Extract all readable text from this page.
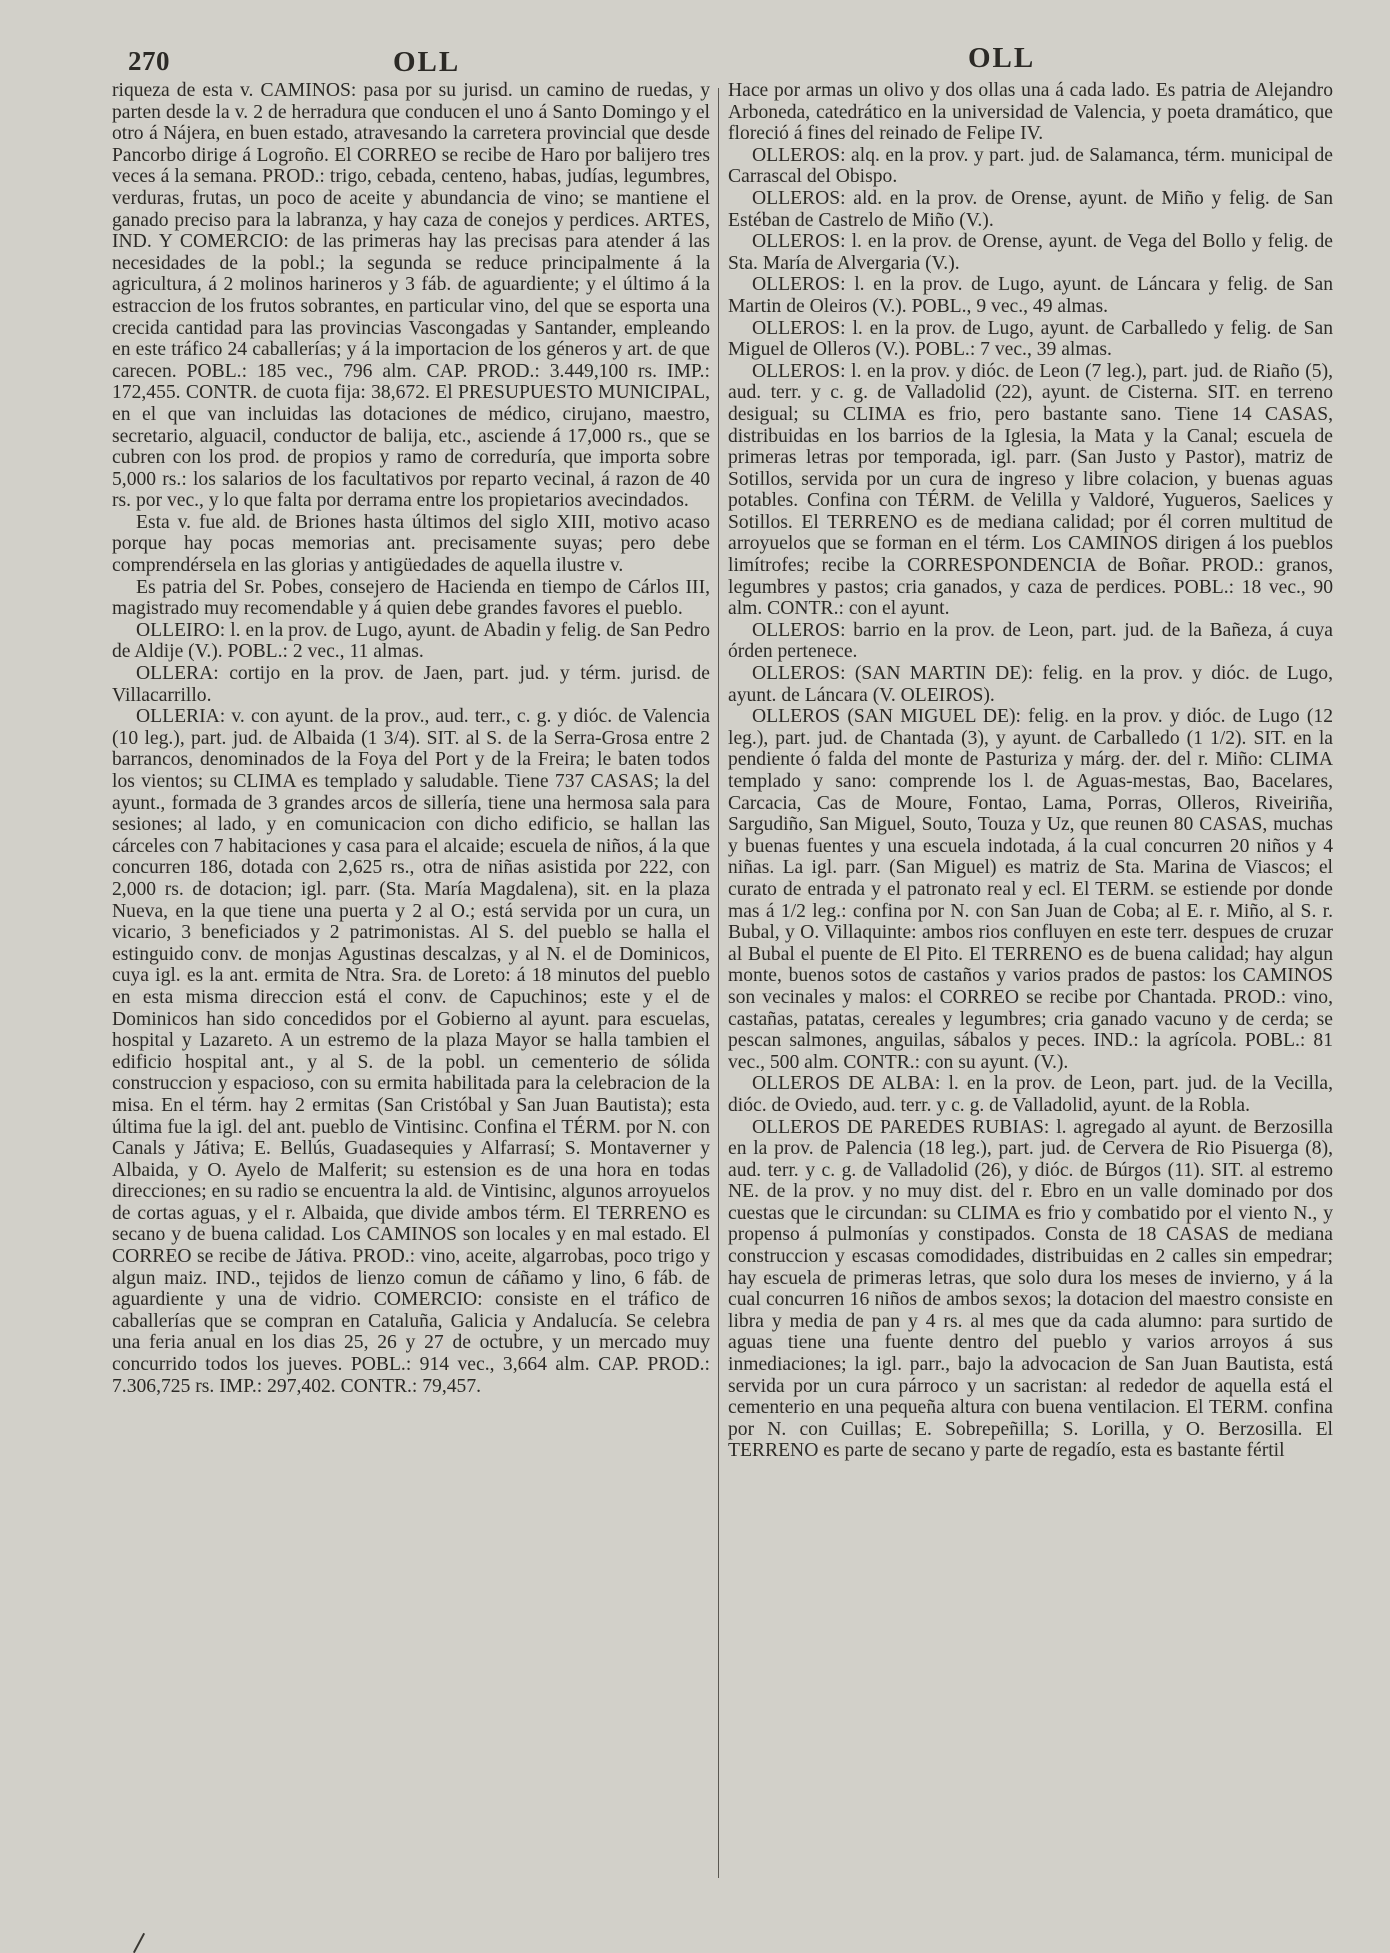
270	OLL	OLL

riqueza de esta v. CAMINOS: pasa por su jurisd. un camino de ruedas, y parten desde la v. 2 de herradura que conducen el uno á Santo Domingo y el otro á Nájera, en buen estado, atravesando la carretera provincial que desde Pancorbo dirige á Logroño. El CORREO se recibe de Haro por balijero tres veces á la semana. PROD.: trigo, cebada, centeno, habas, judías, legumbres, verduras, frutas, un poco de aceite y abundancia de vino; se mantiene el ganado preciso para la labranza, y hay caza de conejos y perdices. ARTES, IND. Y COMERCIO: de las primeras hay las precisas para atender á las necesidades de la pobl.; la segunda se reduce principalmente á la agricultura, á 2 molinos harineros y 3 fáb. de aguardiente; y el último á la estraccion de los frutos sobrantes, en particular vino, del que se esporta una crecida cantidad para las provincias Vascongadas y Santander, empleando en este tráfico 24 caballerías; y á la importacion de los géneros y art. de que carecen. POBL.: 185 vec., 796 alm. CAP. PROD.: 3.449,100 rs. IMP.: 172,455. CONTR. de cuota fija: 38,672. El PRESUPUESTO MUNICIPAL, en el que van incluidas las dotaciones de médico, cirujano, maestro, secretario, alguacil, conductor de balija, etc., asciende á 17,000 rs., que se cubren con los prod. de propios y ramo de correduría, que importa sobre 5,000 rs.: los salarios de los facultativos por reparto vecinal, á razon de 40 rs. por vec., y lo que falta por derrama entre los propietarios avecindados.

Esta v. fue ald. de Briones hasta últimos del siglo XIII, motivo acaso porque hay pocas memorias ant. precisamente suyas; pero debe comprendérsela en las glorias y antigüedades de aquella ilustre v.

Es patria del Sr. Pobes, consejero de Hacienda en tiempo de Cárlos III, magistrado muy recomendable y á quien debe grandes favores el pueblo.

OLLEIRO: l. en la prov. de Lugo, ayunt. de Abadin y felig. de San Pedro de Aldije (V.). POBL.: 2 vec., 11 almas.

OLLERA: cortijo en la prov. de Jaen, part. jud. y térm. jurisd. de Villacarrillo.

OLLERIA: v. con ayunt. de la prov., aud. terr., c. g. y dióc. de Valencia (10 leg.), part. jud. de Albaida (1 3/4). SIT. al S. de la Serra-Grosa entre 2 barrancos, denominados de la Foya del Port y de la Freira; le baten todos los vientos; su CLIMA es templado y saludable. Tiene 737 CASAS; la del ayunt., formada de 3 grandes arcos de sillería, tiene una hermosa sala para sesiones; al lado, y en comunicacion con dicho edificio, se hallan las cárceles con 7 habitaciones y casa para el alcaide; escuela de niños, á la que concurren 186, dotada con 2,625 rs., otra de niñas asistida por 222, con 2,000 rs. de dotacion; igl. parr. (Sta. María Magdalena), sit. en la plaza Nueva, en la que tiene una puerta y 2 al O.; está servida por un cura, un vicario, 3 beneficiados y 2 patrimonistas. Al S. del pueblo se halla el estinguido conv. de monjas Agustinas descalzas, y al N. el de Dominicos, cuya igl. es la ant. ermita de Ntra. Sra. de Loreto: á 18 minutos del pueblo en esta misma direccion está el conv. de Capuchinos; este y el de Dominicos han sido concedidos por el Gobierno al ayunt. para escuelas, hospital y Lazareto. A un estremo de la plaza Mayor se halla tambien el edificio hospital ant., y al S. de la pobl. un cementerio de sólida construccion y espacioso, con su ermita habilitada para la celebracion de la misa. En el térm. hay 2 ermitas (San Cristóbal y San Juan Bautista); esta última fue la igl. del ant. pueblo de Vintisinc. Confina el TÉRM. por N. con Canals y Játiva; E. Bellús, Guadasequies y Alfarrasí; S. Montaverner y Albaida, y O. Ayelo de Malferit; su estension es de una hora en todas direcciones; en su radio se encuentra la ald. de Vintisinc, algunos arroyuelos de cortas aguas, y el r. Albaida, que divide ambos térm. El TERRENO es secano y de buena calidad. Los CAMINOS son locales y en mal estado. El CORREO se recibe de Játiva. PROD.: vino, aceite, algarrobas, poco trigo y algun maiz. IND., tejidos de lienzo comun de cáñamo y lino, 6 fáb. de aguardiente y una de vidrio. COMERCIO: consiste en el tráfico de caballerías que se compran en Cataluña, Galicia y Andalucía. Se celebra una feria anual en los dias 25, 26 y 27 de octubre, y un mercado muy concurrido todos los jueves. POBL.: 914 vec., 3,664 alm. CAP. PROD.: 7.306,725 rs. IMP.: 297,402. CONTR.: 79,457.

Hace por armas un olivo y dos ollas una á cada lado. Es patria de Alejandro Arboneda, catedrático en la universidad de Valencia, y poeta dramático, que floreció á fines del reinado de Felipe IV.

OLLEROS: alq. en la prov. y part. jud. de Salamanca, térm. municipal de Carrascal del Obispo.

OLLEROS: ald. en la prov. de Orense, ayunt. de Miño y felig. de San Estéban de Castrelo de Miño (V.).

OLLEROS: l. en la prov. de Orense, ayunt. de Vega del Bollo y felig. de Sta. María de Alvergaria (V.).

OLLEROS: l. en la prov. de Lugo, ayunt. de Láncara y felig. de San Martin de Oleiros (V.). POBL., 9 vec., 49 almas.

OLLEROS: l. en la prov. de Lugo, ayunt. de Carballedo y felig. de San Miguel de Olleros (V.). POBL.: 7 vec., 39 almas.

OLLEROS: l. en la prov. y dióc. de Leon (7 leg.), part. jud. de Riaño (5), aud. terr. y c. g. de Valladolid (22), ayunt. de Cisterna. SIT. en terreno desigual; su CLIMA es frio, pero bastante sano. Tiene 14 CASAS, distribuidas en los barrios de la Iglesia, la Mata y la Canal; escuela de primeras letras por temporada, igl. parr. (San Justo y Pastor), matriz de Sotillos, servida por un cura de ingreso y libre colacion, y buenas aguas potables. Confina con TÉRM. de Velilla y Valdoré, Yugueros, Saelices y Sotillos. El TERRENO es de mediana calidad; por él corren multitud de arroyuelos que se forman en el térm. Los CAMINOS dirigen á los pueblos limítrofes; recibe la CORRESPONDENCIA de Boñar. PROD.: granos, legumbres y pastos; cria ganados, y caza de perdices. POBL.: 18 vec., 90 alm. CONTR.: con el ayunt.

OLLEROS: barrio en la prov. de Leon, part. jud. de la Bañeza, á cuya órden pertenece.

OLLEROS: (SAN MARTIN DE): felig. en la prov. y dióc. de Lugo, ayunt. de Láncara (V. OLEIROS).

OLLEROS (SAN MIGUEL DE): felig. en la prov. y dióc. de Lugo (12 leg.), part. jud. de Chantada (3), y ayunt. de Carballedo (1 1/2). SIT. en la pendiente ó falda del monte de Pasturiza y márg. der. del r. Miño: CLIMA templado y sano: comprende los l. de Aguas-mestas, Bao, Bacelares, Carcacia, Cas de Moure, Fontao, Lama, Porras, Olleros, Riveiriña, Sargudiño, San Miguel, Souto, Touza y Uz, que reunen 80 CASAS, muchas y buenas fuentes y una escuela indotada, á la cual concurren 20 niños y 4 niñas. La igl. parr. (San Miguel) es matriz de Sta. Marina de Viascos; el curato de entrada y el patronato real y ecl. El TERM. se estiende por donde mas á 1/2 leg.: confina por N. con San Juan de Coba; al E. r. Miño, al S. r. Bubal, y O. Villaquinte: ambos rios confluyen en este terr. despues de cruzar al Bubal el puente de El Pito. El TERRENO es de buena calidad; hay algun monte, buenos sotos de castaños y varios prados de pastos: los CAMINOS son vecinales y malos: el CORREO se recibe por Chantada. PROD.: vino, castañas, patatas, cereales y legumbres; cria ganado vacuno y de cerda; se pescan salmones, anguilas, sábalos y peces. IND.: la agrícola. POBL.: 81 vec., 500 alm. CONTR.: con su ayunt. (V.).

OLLEROS DE ALBA: l. en la prov. de Leon, part. jud. de la Vecilla, dióc. de Oviedo, aud. terr. y c. g. de Valladolid, ayunt. de la Robla.

OLLEROS DE PAREDES RUBIAS: l. agregado al ayunt. de Berzosilla en la prov. de Palencia (18 leg.), part. jud. de Cervera de Rio Pisuerga (8), aud. terr. y c. g. de Valladolid (26), y dióc. de Búrgos (11). SIT. al estremo NE. de la prov. y no muy dist. del r. Ebro en un valle dominado por dos cuestas que le circundan: su CLIMA es frio y combatido por el viento N., y propenso á pulmonías y constipados. Consta de 18 CASAS de mediana construccion y escasas comodidades, distribuidas en 2 calles sin empedrar; hay escuela de primeras letras, que solo dura los meses de invierno, y á la cual concurren 16 niños de ambos sexos; la dotacion del maestro consiste en libra y media de pan y 4 rs. al mes que da cada alumno: para surtido de aguas tiene una fuente dentro del pueblo y varios arroyos á sus inmediaciones; la igl. parr., bajo la advocacion de San Juan Bautista, está servida por un cura párroco y un sacristan: al rededor de aquella está el cementerio en una pequeña altura con buena ventilacion. El TERM. confina por N. con Cuillas; E. Sobrepeñilla; S. Lorilla, y O. Berzosilla. El TERRENO es parte de secano y parte de regadío, esta es bastante fértil
